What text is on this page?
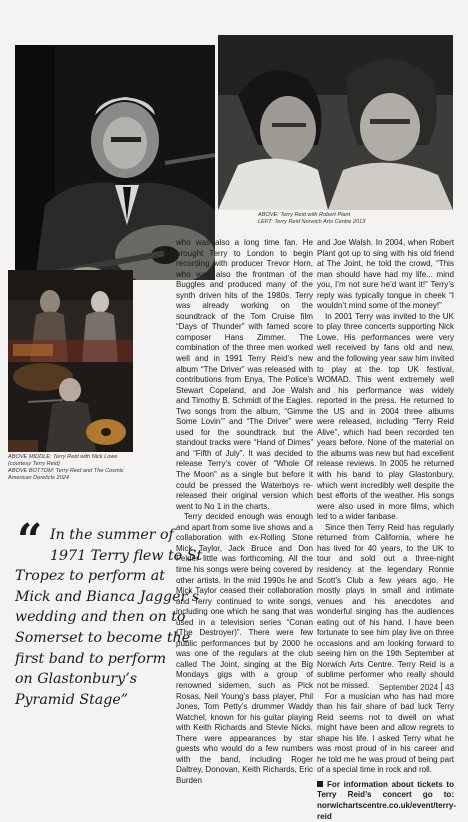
ABOVE: Terry Reid with Robert Plant
LEFT: Terry Reid Norwich Arts Centre 2013
ABOVE MIDDLE: Terry Reid with Nick Lowe (courtesy Terry Reid)
ABOVE BOTTOM: Terry Reid and The Cosmic American Derelicts 2024
“ In the summer of
1971 Terry flew to St
Tropez to perform at
Mick and Bianca Jagger’s
wedding and then on to
Somerset to become the
first band to perform
on Glastonbury’s
Pyramid Stage”

who was also a long time fan. He brought Terry to London to begin recording with producer Trevor Horn, who was also the frontman of the Buggles and produced many of the synth driven hits of the 1980s. Terry was already working on the soundtrack of the Tom Cruise film “Days of Thunder” with famed score composer Hans Zimmer. The combination of the three men worked well and in 1991 Terry Reid’s new album “The Driver” was released with contributions from Enya, The Police’s Stewart Copeland, and Joe Walsh and Timothy B. Schmidt of the Eagles. Two songs from the album, “Gimme Some Lovin’” and “The Driver” were used for the soundtrack but the standout tracks were “Hand of Dimes” and “Fifth of July”. It was decided to release Terry’s cover of “Whole Of The Moon” as a single but before it could be pressed the Waterboys re-released their original version which went to No 1 in the charts.

Terry decided enough was enough and apart from some live shows and a collaboration with ex-Rolling Stone Mick Taylor, Jack Bruce and Don Felder little was forthcoming. All the time his songs were being covered by other artists. In the mid 1990s he and Mick Taylor ceased their collaboration and Terry continued to write songs, including one which he sang that was used in a television series “Conan (The Destroyer)”. There were few public performances but by 2000 he was one of the regulars at the club called The Joint, singing at the Big Mondays gigs with a group of renowned sidemen, such as Pick Rosas, Neil Young’s bass player, Phil Jones, Tom Petty’s drummer Waddy Watchel, known for his guitar playing with Keith Richards and Stevie Nicks. There were appearances by star guests who would do a few numbers with the band, including Roger Daltrey, Donovan, Keith Richards, Eric Burden

and Joe Walsh. In 2004, when Robert Plant got up to sing with his old friend at The Joint, he told the crowd, “This man should have had my life... mind you, I’m not sure he’d want it!” Terry’s reply was typically tongue in cheek “I wouldn’t mind some of the money!”

In 2001 Terry was invited to the UK to play three concerts supporting Nick Lowe. His performances were very well received by fans old and new, and the following year saw him invited to play at the top UK festival, WOMAD. This went extremely well and his performance was widely reported in the press. He returned to the US and in 2004 three albums were released, including “Terry Reid Alive”, which had been recorded ten years before. None of the material on the albums was new but had excellent release reviews. In 2005 he returned with his band to play Glastonbury, which went incredibly well despite the best efforts of the weather. His songs were also used in more films, which led to a wider fanbase.

Since then Terry Reid has regularly returned from California, where he has lived for 40 years, to the UK to tour and sold out a three-night residency at the legendary Ronnie Scott’s Club a few years ago. He mostly plays in small and intimate venues and his anecdotes and wonderful singing has the audiences eating out of his hand. I have been fortunate to see him play live on three occasions and am looking forward to seeing him on the 19th September at Norwich Arts Centre. Terry Reid is a sublime performer who really should not be missed.

For a musician who has had more than his fair share of bad luck Terry Reid seems not to dwell on what might have been and allow regrets to shape his life. I asked Terry what he was most proud of in his career and he told me he was proud of being part of a special time in rock and roll.

For information about tickets to Terry Reid’s concert go to: norwichartscentre.co.uk/event/terry-reid
September 2024 43
